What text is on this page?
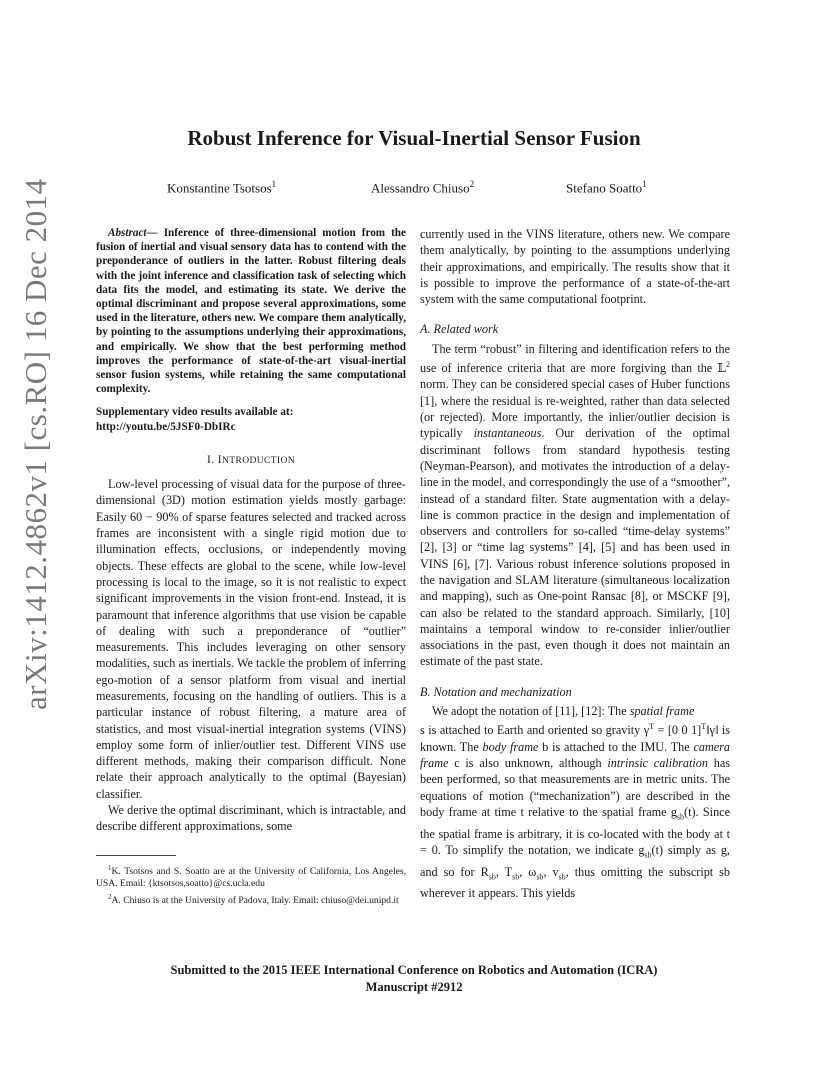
arXiv:1412.4862v1 [cs.RO] 16 Dec 2014
Robust Inference for Visual-Inertial Sensor Fusion
Konstantine Tsotsos$^1$	Alessandro Chiuso$^2$	Stefano Soatto$^1$

Abstract— Inference of three-dimensional motion from the fusion of inertial and visual sensory data has to contend with the preponderance of outliers in the latter. Robust filtering deals with the joint inference and classification task of selecting which data fits the model, and estimating its state. We derive the optimal discriminant and propose several approximations, some used in the literature, others new. We compare them analytically, by pointing to the assumptions underlying their approximations, and empirically. We show that the best performing method improves the performance of state-of-the-art visual-inertial sensor fusion systems, while retaining the same computational complexity.

Supplementary video results available at:
http://youtu.be/5JSF0-DbIRc

I. INTRODUCTION

Low-level processing of visual data for the purpose of three-dimensional (3D) motion estimation yields mostly garbage: Easily 60 − 90% of sparse features selected and tracked across frames are inconsistent with a single rigid motion due to illumination effects, occlusions, or independently moving objects. These effects are global to the scene, while low-level processing is local to the image, so it is not realistic to expect significant improvements in the vision front-end. Instead, it is paramount that inference algorithms that use vision be capable of dealing with such a preponderance of “outlier” measurements. This includes leveraging on other sensory modalities, such as inertials. We tackle the problem of inferring ego-motion of a sensor platform from visual and inertial measurements, focusing on the handling of outliers. This is a particular instance of robust filtering, a mature area of statistics, and most visual-inertial integration systems (VINS) employ some form of inlier/outlier test. Different VINS use different methods, making their comparison difficult. None relate their approach analytically to the optimal (Bayesian) classifier.

We derive the optimal discriminant, which is intractable, and describe different approximations, some

$^1$K. Tsotsos and S. Soatto are at the University of California, Los Angeles, USA. Email: {ktsotsos,soatto}@cs.ucla.edu

$^2$A. Chiuso is at the University of Padova, Italy. Email: chiuso@dei.unipd.it

currently used in the VINS literature, others new. We compare them analytically, by pointing to the assumptions underlying their approximations, and empirically. The results show that it is possible to improve the performance of a state-of-the-art system with the same computational footprint.

A. Related work

The term “robust” in filtering and identification refers to the use of inference criteria that are more forgiving than the 𝕃$^2$ norm. They can be considered special cases of Huber functions [1], where the residual is re-weighted, rather than data selected (or rejected). More importantly, the inlier/outlier decision is typically instantaneous. Our derivation of the optimal discriminant follows from standard hypothesis testing (Neyman-Pearson), and motivates the introduction of a delay-line in the model, and correspondingly the use of a “smoother”, instead of a standard filter. State augmentation with a delay-line is common practice in the design and implementation of observers and controllers for so-called “time-delay systems” [2], [3] or “time lag systems” [4], [5] and has been used in VINS [6], [7]. Various robust inference solutions proposed in the navigation and SLAM literature (simultaneous localization and mapping), such as One-point Ransac [8], or MSCKF [9], can also be related to the standard approach. Similarly, [10] maintains a temporal window to re-consider inlier/outlier associations in the past, even though it does not maintain an estimate of the past state.

B. Notation and mechanization

We adopt the notation of [11], [12]: The spatial frame
s is attached to Earth and oriented so gravity $\gamma^T = [0$ 0 1]$^T$‖γ‖ is known. The body frame b is attached to the IMU. The camera frame c is also unknown, although intrinsic calibration has been performed, so that measurements are in metric units. The equations of motion (“mechanization”) are described in the body frame at time t relative to the spatial frame $g_{sb}(t)$. Since the spatial frame is arbitrary, it is co-located with the body at t = 0. To simplify the notation, we indicate $g_{sb}(t)$ simply as g, and so for $R_{sb}$, $T_{sb}$, $\omega_{sb}$, $v_{sb}$, thus omitting the subscript sb wherever it appears. This yields

Submitted to the 2015 IEEE International Conference on Robotics and Automation (ICRA)
Manuscript #2912
